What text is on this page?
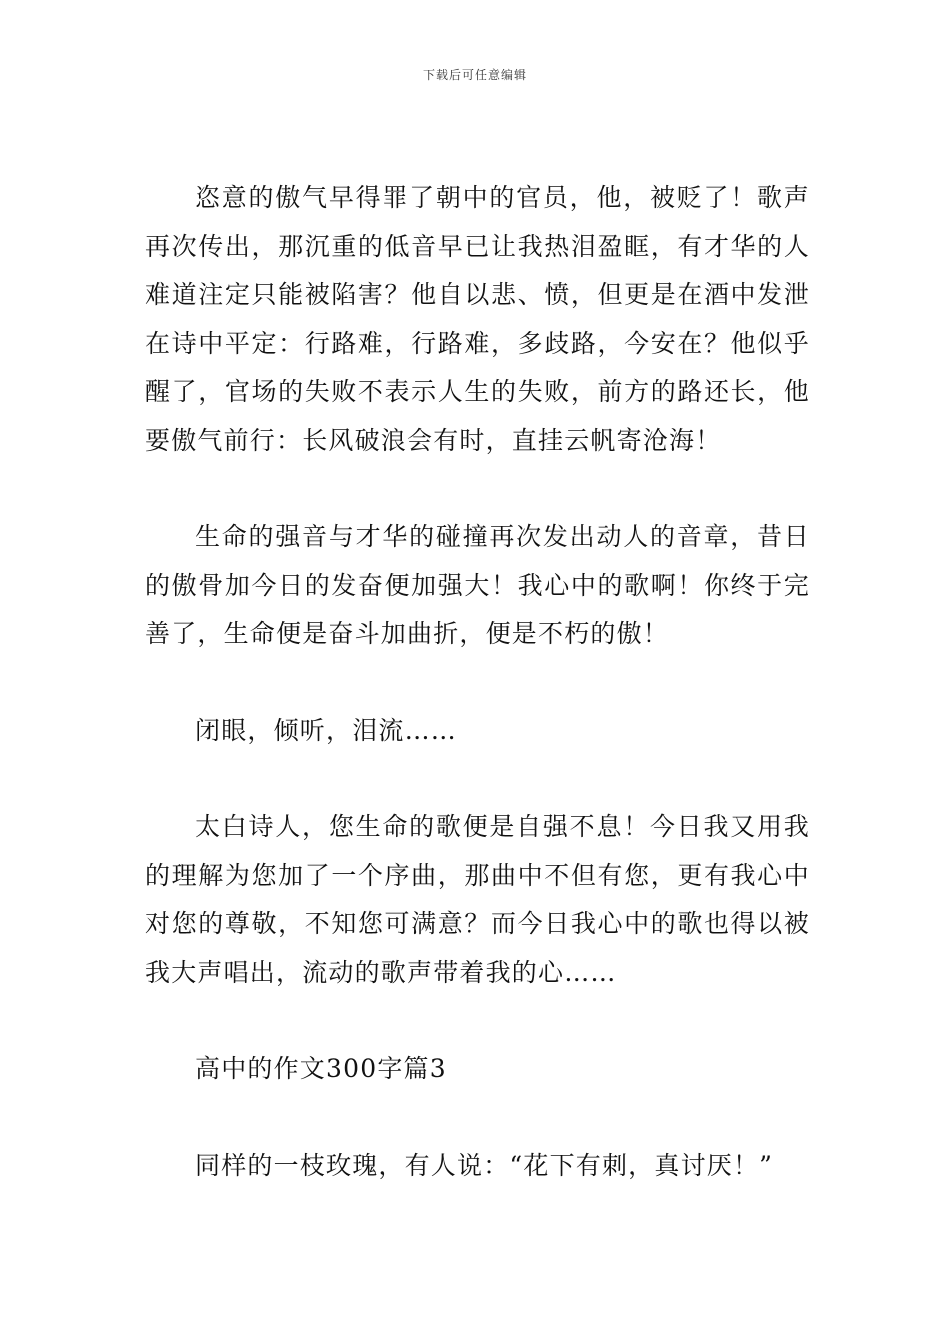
下载后可任意编辑

恣意的傲气早得罪了朝中的官员，他，被贬了！歌声再次传出，那沉重的低音早已让我热泪盈眶，有才华的人难道注定只能被陷害？他自以悲、愤，但更是在酒中发泄在诗中平定：行路难，行路难，多歧路，今安在？他似乎醒了，官场的失败不表示人生的失败，前方的路还长，他要傲气前行：长风破浪会有时，直挂云帆寄沧海！

生命的强音与才华的碰撞再次发出动人的音章，昔日的傲骨加今日的发奋便加强大！我心中的歌啊！你终于完善了，生命便是奋斗加曲折，便是不朽的傲！

闭眼，倾听，泪流……

太白诗人，您生命的歌便是自强不息！今日我又用我的理解为您加了一个序曲，那曲中不但有您，更有我心中对您的尊敬，不知您可满意？而今日我心中的歌也得以被我大声唱出，流动的歌声带着我的心……

高中的作文300字篇3

同样的一枝玫瑰，有人说：“花下有刺，真讨厌！”
